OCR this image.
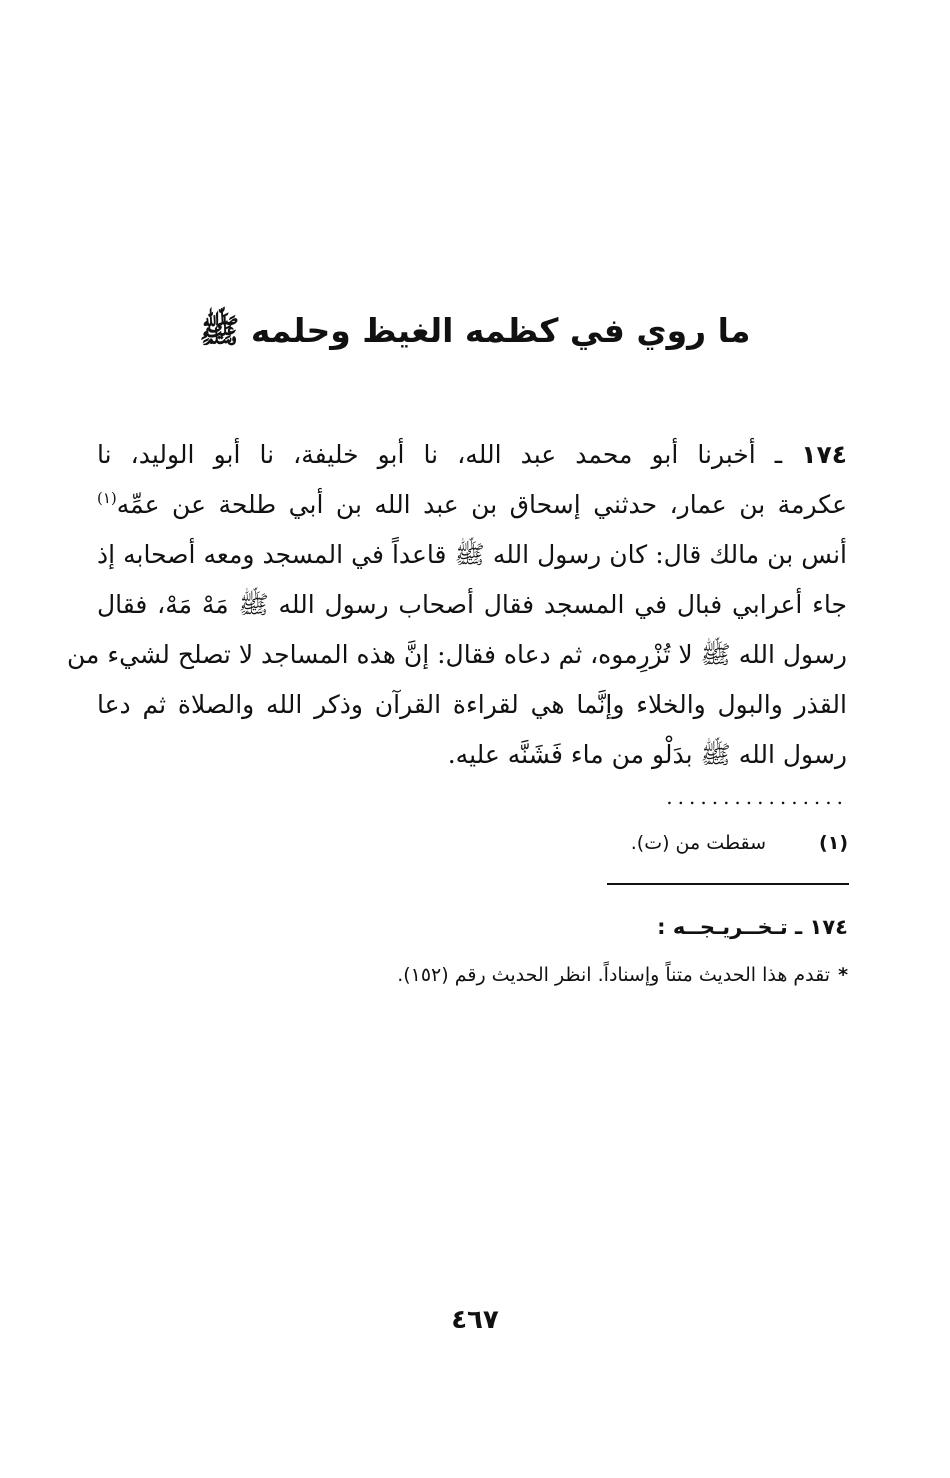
ما روي في كظمه الغيظ وحلمه ﷺ
١٧٤ ـ أخبرنا أبو محمد عبد الله، نا أبو خليفة، نا أبو الوليد، نا
عكرمة بن عمار، حدثني إسحاق بن عبد الله بن أبي طلحة عن عمِّه$^{(١)}$
أنس بن مالك قال: كان رسول الله ﷺ قاعداً في المسجد ومعه أصحابه إذ
جاء أعرابي فبال في المسجد فقال أصحاب رسول الله ﷺ مَهْ مَهْ، فقال
رسول الله ﷺ لا تُزْرِموه، ثم دعاه فقال: إنَّ هذه المساجد لا تصلح لشيء من
القذر والبول والخلاء وإنَّما هي لقراءة القرآن وذكر الله والصلاة ثم دعا
رسول الله ﷺ بدَلْو من ماء فَشَنَّه عليه.
................
(١)سقطت من (ت).
١٧٤ ـ تـخــريـجــه :
*تقدم هذا الحديث متناً وإسناداً. انظر الحديث رقم (١٥٢).
٤٦٧
